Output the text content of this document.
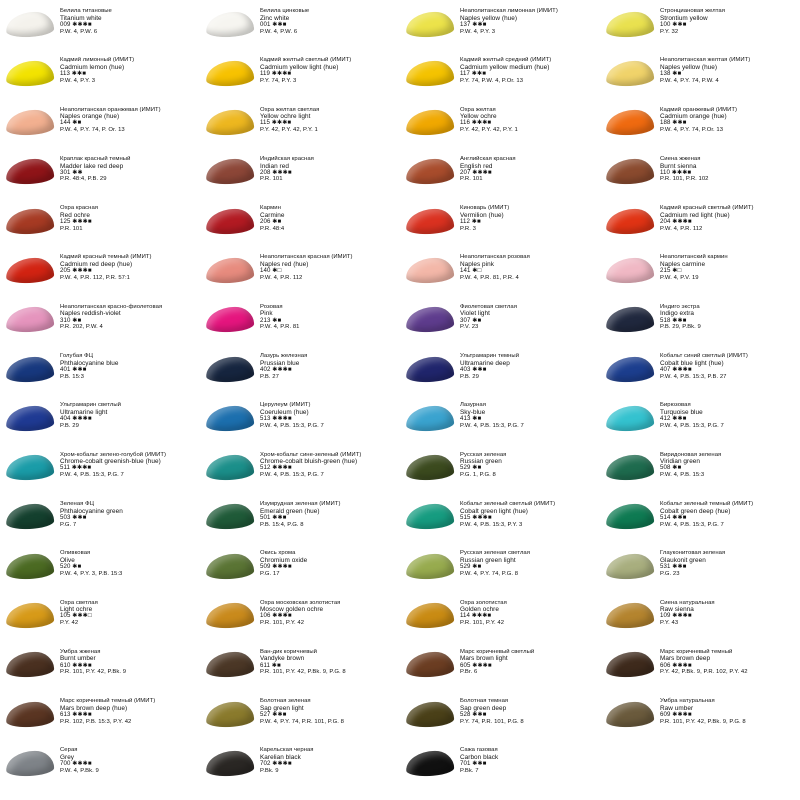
Белила титановые
Titanium white
009 ✱✱✱■
P.W. 4, P.W. 6
Белила цинковые
Zinc white
001 ✱✱■
P.W. 4, P.W. 6
Неаполитанская лимонная (ИМИТ)
Naples yellow (hue)
137 ✱✱■
P.W. 4, P.Y. 3
Стронциановая желтая
Strontium yellow
100 ✱✱■
P.Y. 32
Кадмий лимонный (ИМИТ)
Cadmium lemon (hue)
113 ✱✱■
P.W. 4, P.Y. 3
Кадмий желтый светлый (ИМИТ)
Cadmium yellow light (hue)
119 ✱✱✱■
P.Y. 74, P.Y. 3
Кадмий желтый средний (ИМИТ)
Cadmium yellow medium (hue)
117 ✱✱■
P.Y. 74, P.W. 4, P.Or. 13
Неаполитанская желтая (ИМИТ)
Naples yellow (hue)
138 ✱■
P.W. 4, P.Y. 74, P.W. 4
Неаполитанская оранжевая (ИМИТ)
Naples orange (hue)
144 ✱■
P.W. 4, P.Y. 74, P. Or. 13
Охра желтая светлая
Yellow ochre light
115 ✱✱✱■
P.Y. 42, P.Y. 42, P.Y. 1
Охра желтая
Yellow ochre
116 ✱✱✱■
P.Y. 42, P.Y. 42, P.Y. 1
Кадмий оранжевый (ИМИТ)
Cadmium orange (hue)
188 ✱✱■
P.W. 4, P.Y. 74, P.Or. 13
Краплак красный темный
Madder lake red deep
301 ✱✱
P.R. 48:4, P.B. 29
Индийская красная
Indian red
208 ✱✱✱■
P.R. 101
Английская красная
English red
207 ✱✱✱■
P.R. 101
Сиена жженая
Burnt sienna
110 ✱✱✱■
P.R. 101, P.R. 102
Охра красная
Red ochre
125 ✱✱✱■
P.R. 101
Кармин
Carmine
206 ✱■
P.R. 48:4
Киноварь (ИМИТ)
Vermilion (hue)
112 ✱■
P.R. 3
Кадмий красный светлый (ИМИТ)
Cadmium red light (hue)
204 ✱✱✱■
P.W. 4, P.R. 112
Кадмий красный темный (ИМИТ)
Cadmium red deep (hue)
205 ✱✱✱■
P.W. 4, P.R. 112, P.R. 57:1
Неаполитанская красная (ИМИТ)
Naples red (hue)
140 ✱□
P.W. 4, P.R. 112
Неаполитанская розовая
Naples pink
141 ✱□
P.W. 4, P.R. 81, P.R. 4
Неаполитанский кармин
Naples carmine
215 ✱□
P.W. 4, P.V. 19
Неаполитанская красно-фиолетовая
Naples reddish-violet
310 ✱■
P.R. 202, P.W. 4
Розовая
Pink
213 ✱■
P.W. 4, P.R. 81
Фиолетовая светлая
Violet light
307 ✱■
P.V. 23
Индиго экстра
Indigo extra
518 ✱✱■
P.B. 29, P.Bk. 9
Голубая ФЦ
Phthalocyanine blue
401 ✱✱■
P.B. 15:3
Лазурь железная
Prussian blue
402 ✱✱✱■
P.B. 27
Ультрамарин темный
Ultramarine deep
403 ✱✱■
P.B. 29
Кобальт синий светлый (ИМИТ)
Cobalt blue light (hue)
407 ✱✱✱■
P.W. 4, P.B. 15:3, P.B. 27
Ультрамарин светлый
Ultramarine light
404 ✱✱✱■
P.B. 29
Церулеум (ИМИТ)
Coeruleum (hue)
513 ✱✱✱■
P.W. 4, P.B. 15:3, P.G. 7
Лазурная
Sky-blue
413 ✱■
P.W. 4, P.B. 15:3, P.G. 7
Бирюзовая
Turquoise blue
412 ✱✱■
P.W. 4, P.B. 15:3, P.G. 7
Хром-кобальт зелено-голубой (ИМИТ)
Chrome-cobalt greenish-blue (hue)
511 ✱✱✱■
P.W. 4, P.B. 15:3, P.G. 7
Хром-кобальт сине-зеленый (ИМИТ)
Chrome-cobalt bluish-green (hue)
512 ✱✱✱■
P.W. 4, P.B. 15:3, P.G. 7
Русская зеленая
Russian green
529 ✱■
P.G. 1, P.G. 8
Виридоновая зеленая
Viridian green
508 ✱■
P.W. 4, P.B. 15:3
Зеленая ФЦ
Phthalocyanine green
503 ✱✱■
P.G. 7
Изумрудная зеленая (ИМИТ)
Emerald green (hue)
501 ✱✱■
P.B. 15:4, P.G. 8
Кобальт зеленый светлый (ИМИТ)
Cobalt green light (hue)
515 ✱✱✱■
P.W. 4, P.B. 15:3, P.Y. 3
Кобальт зеленый темный (ИМИТ)
Cobalt green deep (hue)
514 ✱✱■
P.W. 4, P.B. 15:3, P.G. 7
Оливковая
Olive
520 ✱■
P.W. 4, P.Y. 3, P.B. 15:3
Окись хрома
Chromium oxide
509 ✱✱✱■
P.G. 17
Русская зеленая светлая
Russian green light
529 ✱■
P.W. 4, P.Y. 74, P.G. 8
Глауконитовая зеленая
Glaukonit green
531 ✱✱■
P.G. 23
Охра светлая
Light ochre
105 ✱✱✱□
P.Y. 42
Охра московская золотистая
Moscow golden ochre
106 ✱✱✱■
P.R. 101, P.Y. 42
Охра золотистая
Golden ochre
114 ✱✱✱■
P.R. 101, P.Y. 42
Сиена натуральная
Raw sienna
109 ✱✱✱■
P.Y. 43
Умбра жженая
Burnt umber
610 ✱✱✱■
P.R. 101, P.Y. 42, P.Bk. 9
Ван-дик коричневый
Vandyke brown
611 ✱■
P.R. 101, P.Y. 42, P.Bk. 9, P.G. 8
Марс коричневый светлый
Mars brown light
605 ✱✱✱■
P.Br. 6
Марс коричневый темный
Mars brown deep
606 ✱✱✱■
P.Y. 42, P.Bk. 9, P.R. 102, P.Y. 42
Марс коричневый темный (ИМИТ)
Mars brown deep (hue)
613 ✱✱✱■
P.R. 102, P.B. 15:3, P.Y. 42
Болотная зеленая
Sap green light
527 ✱✱■
P.W. 4, P.Y. 74, P.R. 101, P.G. 8
Болотная темная
Sap green deep
528 ✱✱■
P.Y. 74, P.R. 101, P.G. 8
Умбра натуральная
Raw umber
609 ✱✱✱■
P.R. 101, P.Y. 42, P.Bk. 9, P.G. 8
Серая
Grey
700 ✱✱✱■
P.W. 4, P.Bk. 9
Карельская черная
Karelian black
702 ✱✱✱■
P.Bk. 9
Сажа газовая
Carbon black
701 ✱✱■
P.Bk. 7
